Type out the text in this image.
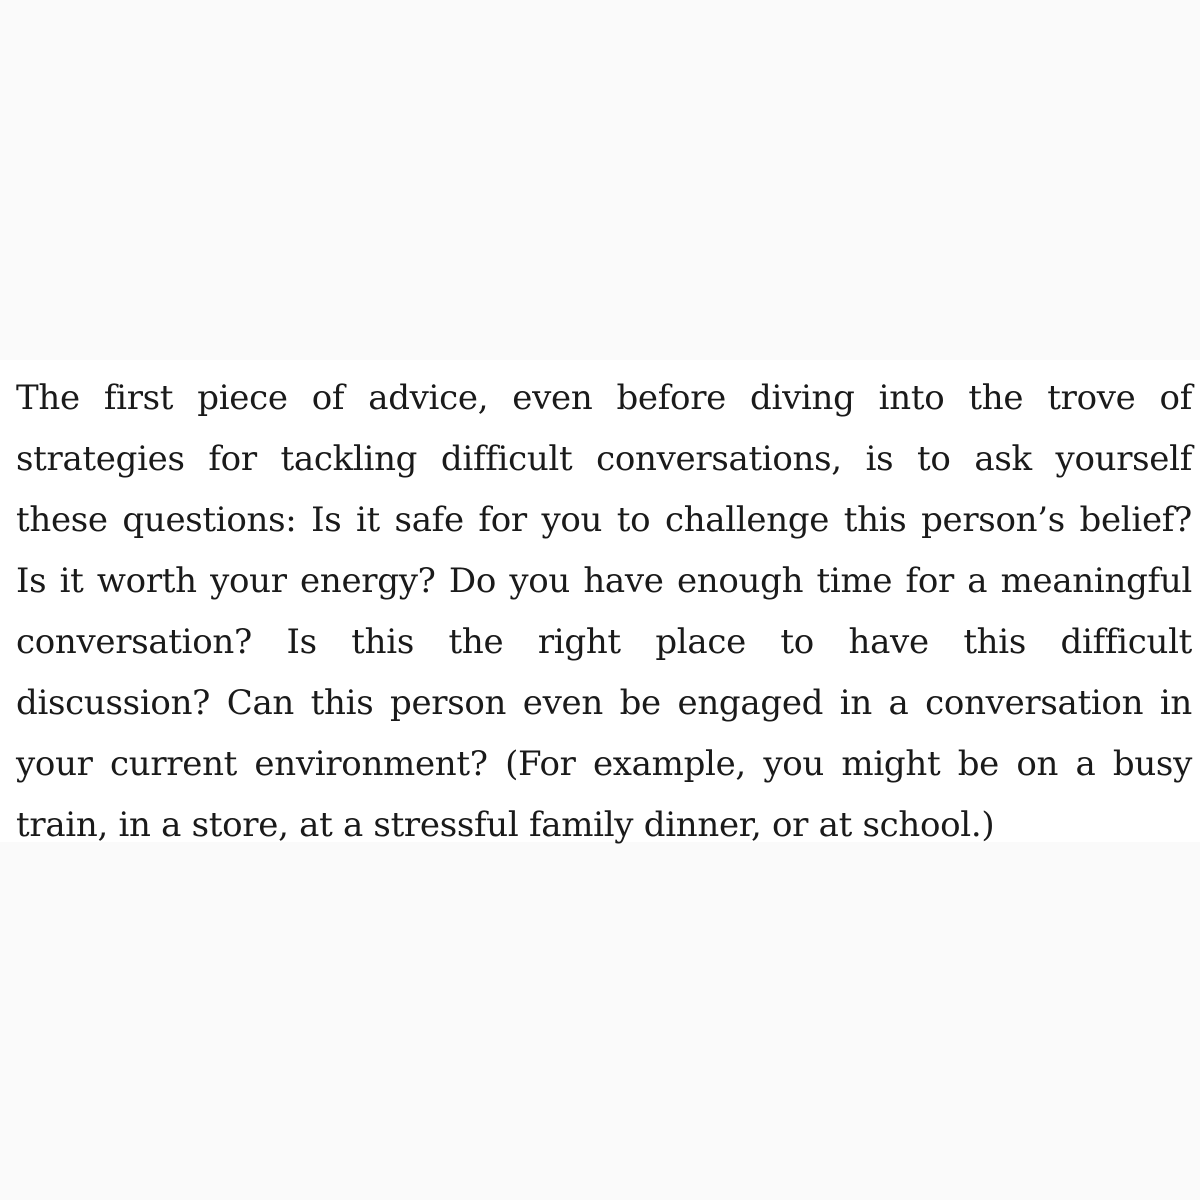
The first piece of advice, even before diving into the trove of
strategies for tackling difficult conversations, is to ask yourself
these questions: Is it safe for you to challenge this person’s belief?
Is it worth your energy? Do you have enough time for a meaningful
conversation? Is this the right place to have this difficult
discussion? Can this person even be engaged in a conversation in
your current environment? (For example, you might be on a busy
train, in a store, at a stressful family dinner, or at school.)
